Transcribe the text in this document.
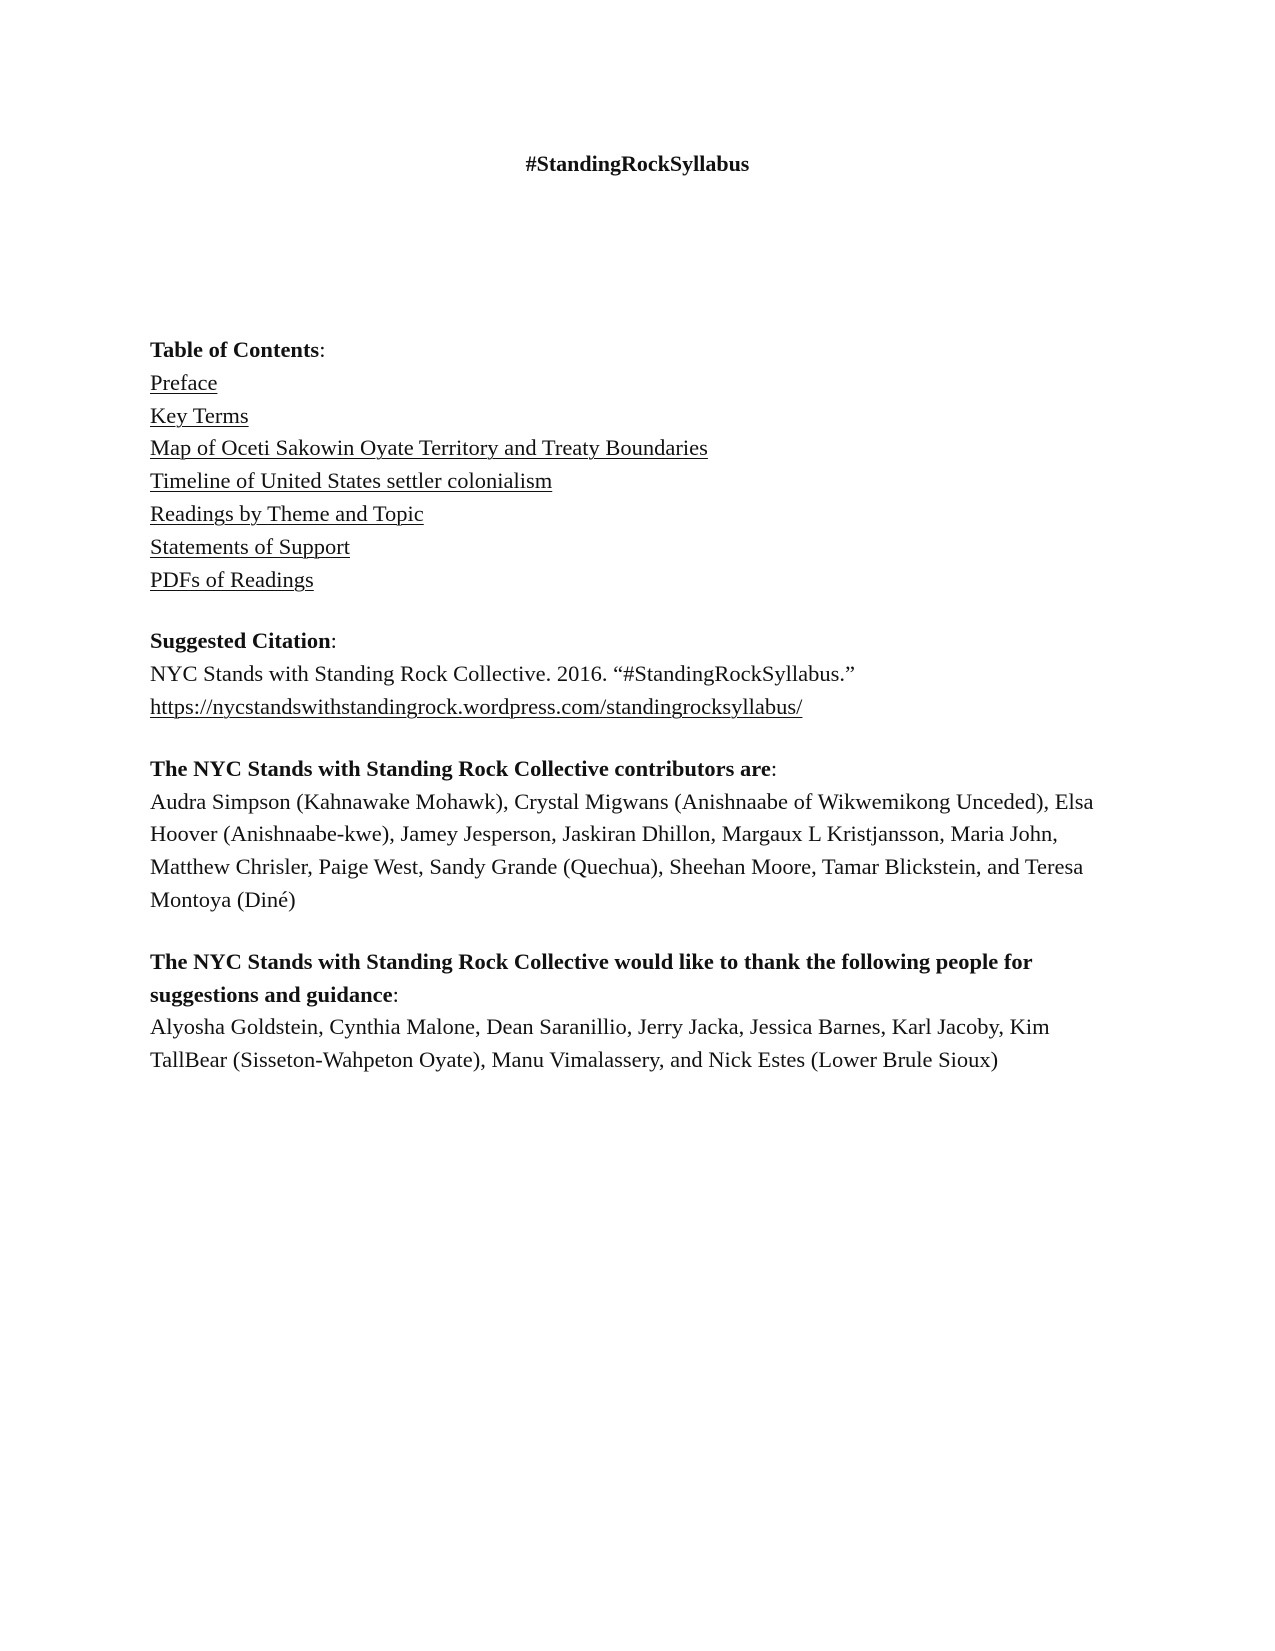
#StandingRockSyllabus

Table of Contents:

Preface
Key Terms
Map of Oceti Sakowin Oyate Territory and Treaty Boundaries
Timeline of United States settler colonialism
Readings by Theme and Topic
Statements of Support
PDFs of Readings

Suggested Citation:

NYC Stands with Standing Rock Collective. 2016. “#StandingRockSyllabus.”

https://nycstandswithstandingrock.wordpress.com/standingrocksyllabus/

The NYC Stands with Standing Rock Collective contributors are:

Audra Simpson (Kahnawake Mohawk), Crystal Migwans (Anishnaabe of Wikwemikong Unceded), Elsa Hoover (Anishnaabe-kwe), Jamey Jesperson, Jaskiran Dhillon, Margaux L Kristjansson, Maria John, Matthew Chrisler, Paige West, Sandy Grande (Quechua), Sheehan Moore, Tamar Blickstein, and Teresa Montoya (Diné)

The NYC Stands with Standing Rock Collective would like to thank the following people for suggestions and guidance:

Alyosha Goldstein, Cynthia Malone, Dean Saranillio, Jerry Jacka, Jessica Barnes, Karl Jacoby, Kim TallBear (Sisseton-Wahpeton Oyate), Manu Vimalassery, and Nick Estes (Lower Brule Sioux)
